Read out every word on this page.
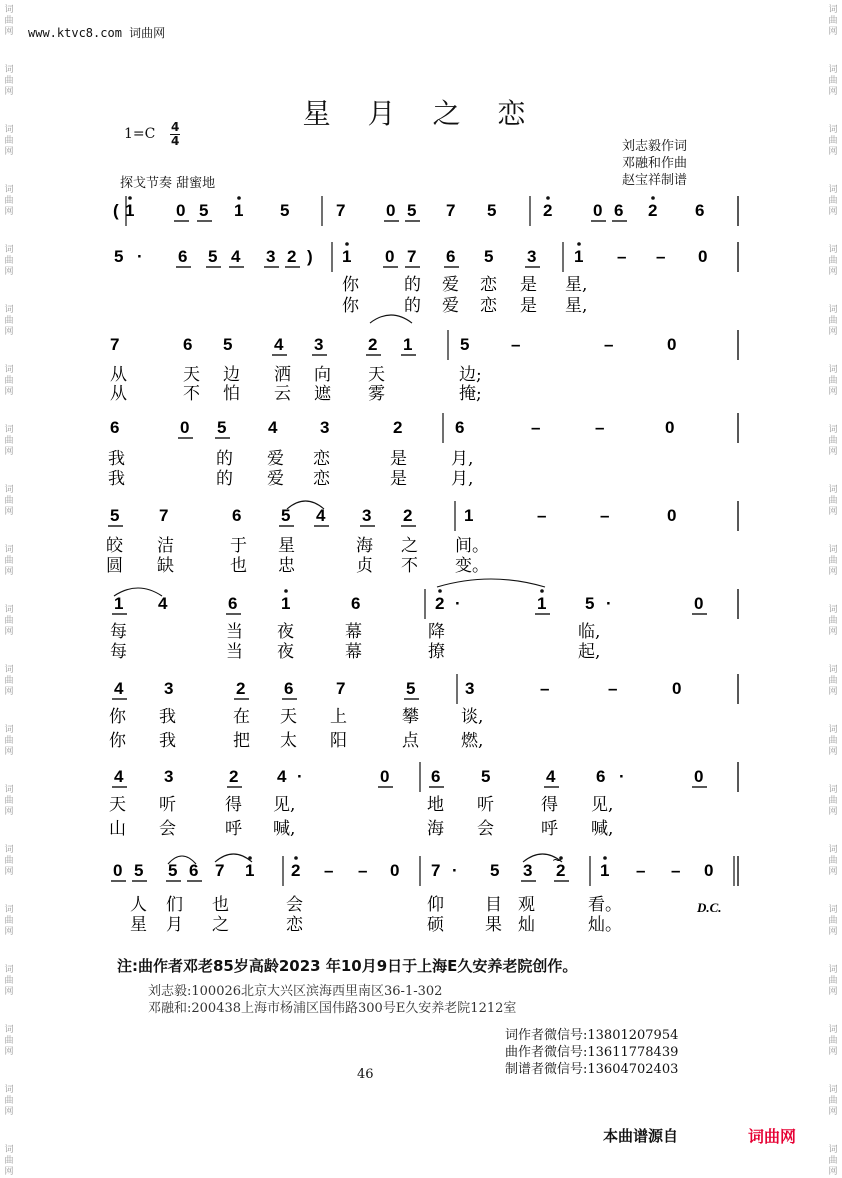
词
曲
网
词
曲
网
词
曲
网
词
曲
网
词
曲
网
词
曲
网
词
曲
网
词
曲
网
词
曲
网
词
曲
网
词
曲
网
词
曲
网
词
曲
网
词
曲
网
词
曲
网
词
曲
网
词
曲
网
词
曲
网
词
曲
网
词
曲
网
词
曲
网
词
曲
网
词
曲
网
词
曲
网
词
曲
网
词
曲
网
词
曲
网
词
曲
网
词
曲
网
词
曲
网
词
曲
网
词
曲
网
词
曲
网
词
曲
网
词
曲
网
词
曲
网
词
曲
网
词
曲
网
词
曲
网
词
曲
网
www.ktvc8.com 词曲网
星 月 之 恋
1=C 4
4
探戈节奏 甜蜜地
刘志毅作词
邓融和作曲
赵宝祥制谱
( 1 0 5 1 5	7 0 5 7 5	2 0 6 2 6
5 · 6 5 4 3 2 ) 1 0 7 6 5 3 1 – – 0
你	的 爱 恋 是 星,
你	的 爱 恋 是 星,
7	6 5 4 3	2 1	5 –	–	0
从	天 边 洒 向 天	边;
从	不 怕 云 遮 雾	掩;
6	0 5 4	3	2	6	–	–	0
我	的 爱 恋	是	月,
我	的 爱 恋	是	月,
5 7	6 5 4 3 2	1	–	–	0
皎 洁	于 星	海 之 间。
圆 缺	也 忠	贞 不 变。
1 4	6	1	6	2 ·	1 5 ·	0
每	当 夜	幕	降	临,
每	当 夜	幕	撩	起,
4 3	2 6	7	5	3	–	–	0
你 我	在 天 上	攀 谈,
你 我	把 太 阳	点 燃,
4 3	2 4 ·	0 6 5	4 6 ·	0
天 听	得 见,	地 听	得 见,
山 会	呼 喊,	海 会	呼 喊,
0 5 5 6 7 1 2 – – 0 7 · 5 3 2 1 – – 0
人 们 也	会	仰 目 观	看。
星 月 之	恋	硕 果 灿	灿。
~
D.C.
注:曲作者邓老85岁高龄2023 年10月9日于上海E久安养老院创作。
刘志毅:100026北京大兴区滨海西里南区36-1-302
邓融和:200438上海市杨浦区国伟路300号E久安养老院1212室
词作者微信号:13801207954
曲作者微信号:13611778439
制谱者微信号:13604702403
46
本曲谱源自	词曲网
